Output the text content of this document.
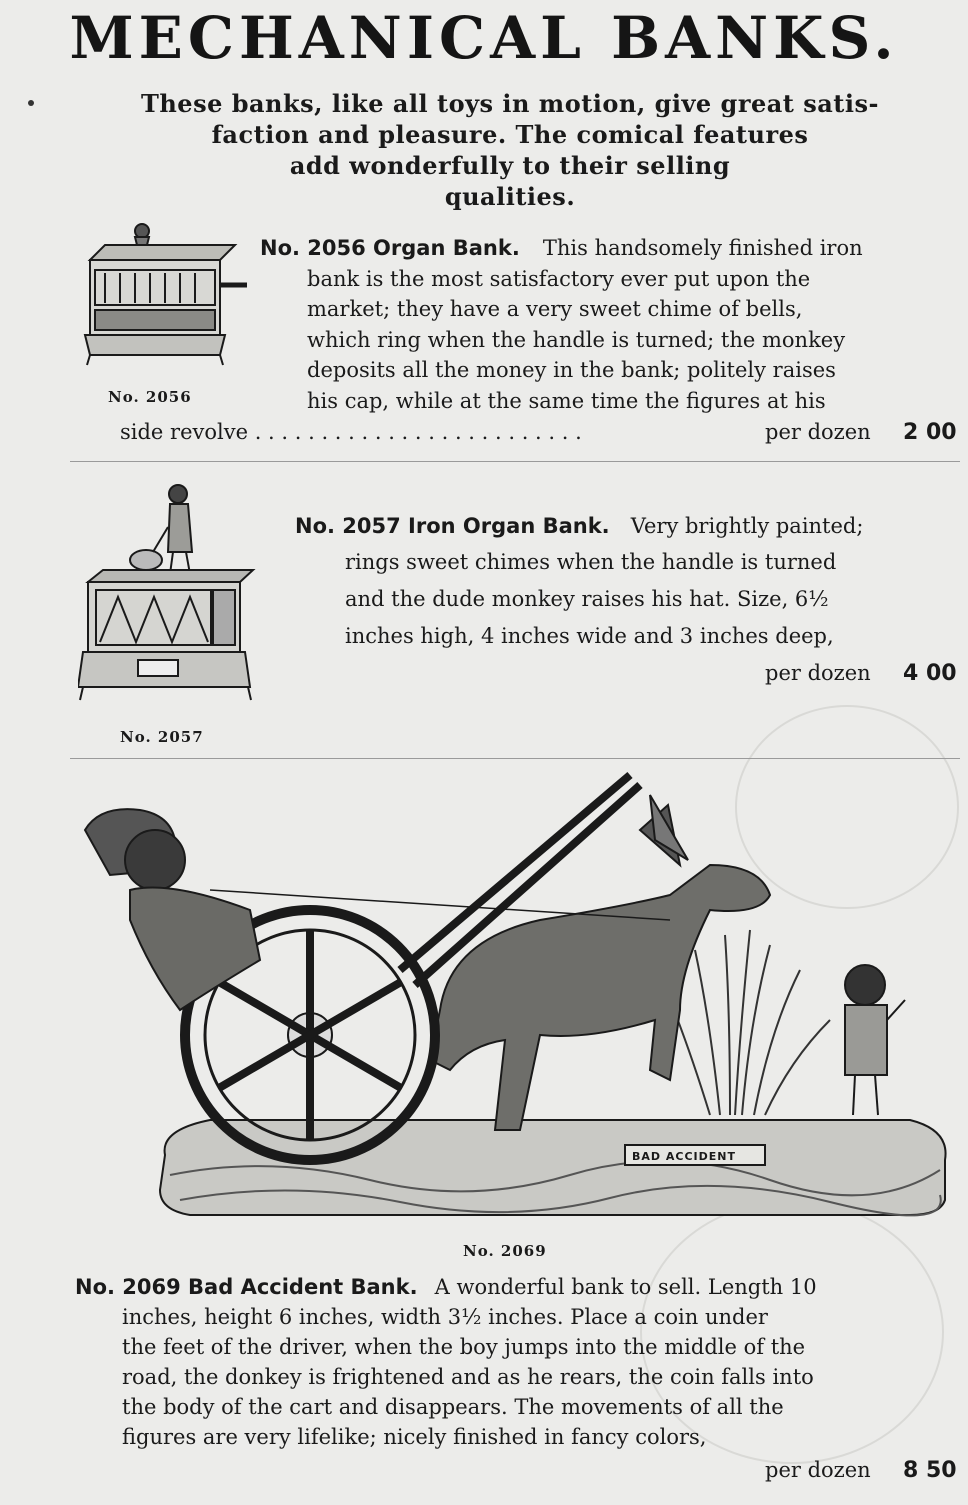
MECHANICAL BANKS.
These banks, like all toys in motion, give great satis-
faction and pleasure. The comical features
add wonderfully to their selling
qualities.
No. 2056
No. 2056 Organ Bank. This handsomely finished iron
bank is the most satisfactory ever put upon the
market; they have a very sweet chime of bells,
which ring when the handle is turned; the monkey
deposits all the money in the bank; politely raises
his cap, while at the same time the figures at his
side revolve . . . . . . . . . . . . . . . . . . . . . . . . .	per dozen 2 00
No. 2057
No. 2057 Iron Organ Bank. Very brightly painted;
rings sweet chimes when the handle is turned
and the dude monkey raises his hat. Size, 6½
inches high, 4 inches wide and 3 inches deep,
per dozen 4 00
BAD ACCIDENT
No. 2069
No. 2069 Bad Accident Bank. A wonderful bank to sell. Length 10
inches, height 6 inches, width 3½ inches. Place a coin under
the feet of the driver, when the boy jumps into the middle of the
road, the donkey is frightened and as he rears, the coin falls into
the body of the cart and disappears. The movements of all the
figures are very lifelike; nicely finished in fancy colors,
per dozen 8 50
